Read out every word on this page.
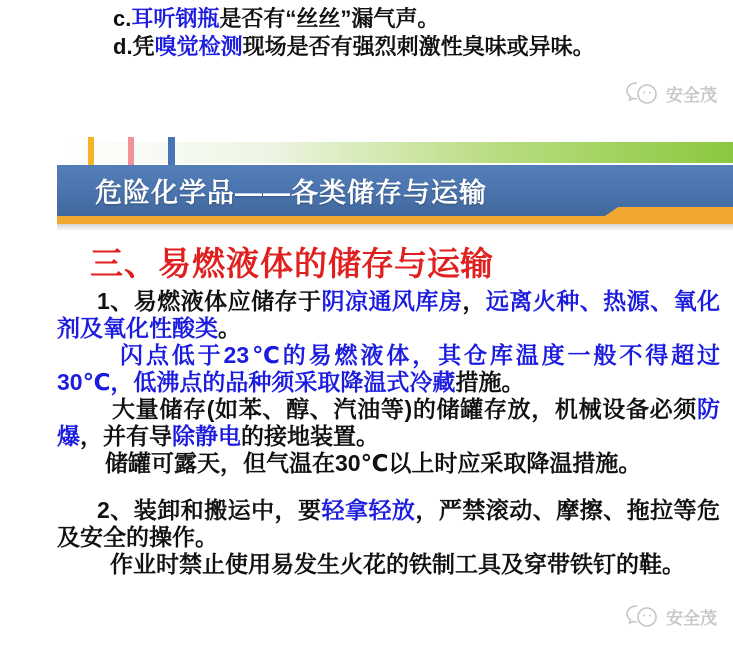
c.耳听钢瓶是否有“丝丝”漏气声。
d.凭嗅觉检测现场是否有强烈刺激性臭味或异味。
安全茂
危险化学品——各类储存与运输
三、易燃液体的储存与运输
1、易燃液体应储存于阴凉通风库房，远离火种、热源、氧化剂及氧化性酸类。
闪点低于23℃的易燃液体，其仓库温度一般不得超过30℃，低沸点的品种须采取降温式冷藏措施。
大量储存(如苯、醇、汽油等)的储罐存放，机械设备必须防爆，并有导除静电的接地装置。
储罐可露天，但气温在30℃以上时应采取降温措施。
2、装卸和搬运中，要轻拿轻放，严禁滚动、摩擦、拖拉等危及安全的操作。
作业时禁止使用易发生火花的铁制工具及穿带铁钉的鞋。
安全茂
